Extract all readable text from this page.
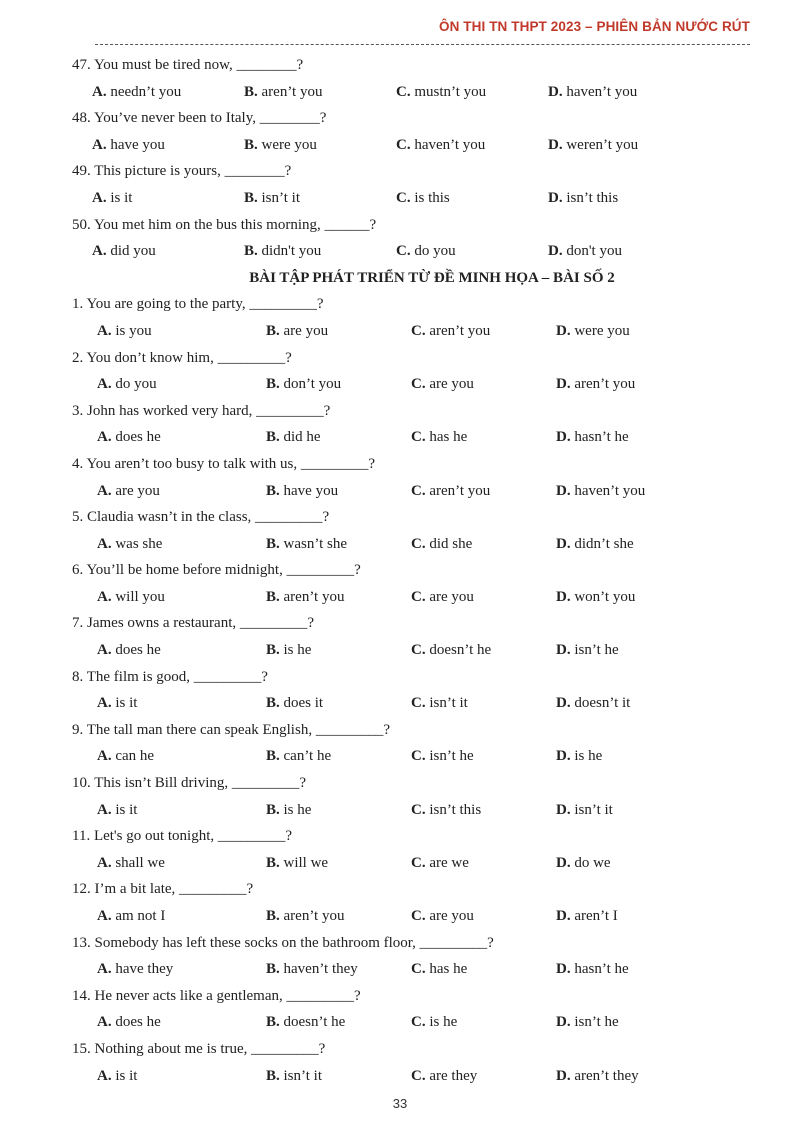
ÔN THI TN THPT 2023 – PHIÊN BẢN NƯỚC RÚT
47. You must be tired now, ________?
A. needn’t you	B. aren’t you	C. mustn’t you	D. haven’t you
48. You’ve never been to Italy, ________?
A. have you	B. were you	C. haven’t you	D. weren’t you
49. This picture is yours, ________?
A. is it	B. isn’t it	C. is this	D. isn’t this
50. You met him on the bus this morning, ______?
A. did you	B. didn't you	C. do you	D. don't you
BÀI TẬP PHÁT TRIỂN TỪ ĐỀ MINH HỌA – BÀI SỐ 2
1. You are going to the party, _________?
A. is you	B. are you	C. aren’t you	D. were you
2. You don’t know him, _________?
A. do you	B. don’t you	C. are you	D. aren’t you
3. John has worked very hard, _________?
A. does he	B. did he	C. has he	D. hasn’t he
4. You aren’t too busy to talk with us, _________?
A. are you	B. have you	C. aren’t you	D. haven’t you
5. Claudia wasn’t in the class, _________?
A. was she	B. wasn’t she	C. did she	D. didn’t she
6. You’ll be home before midnight, _________?
A. will you	B. aren’t you	C. are you	D. won’t you
7. James owns a restaurant, _________?
A. does he	B. is he	C. doesn’t he	D. isn’t he
8. The film is good, _________?
A. is it	B. does it	C. isn’t it	D. doesn’t it
9. The tall man there can speak English, _________?
A. can he	B. can’t he	C. isn’t he	D. is he
10. This isn’t Bill driving, _________?
A. is it	B. is he	C. isn’t this	D. isn’t it
11. Let's go out tonight, _________?
A. shall we	B. will we	C. are we	D. do we
12. I’m a bit late, _________?
A. am not I	B. aren’t you	C. are you	D. aren’t I
13. Somebody has left these socks on the bathroom floor, _________?
A. have they	B. haven’t they	C. has he	D. hasn’t he
14. He never acts like a gentleman, _________?
A. does he	B. doesn’t he	C. is he	D. isn’t he
15. Nothing about me is true, _________?
A. is it	B. isn’t it	C. are they	D. aren’t they
33
